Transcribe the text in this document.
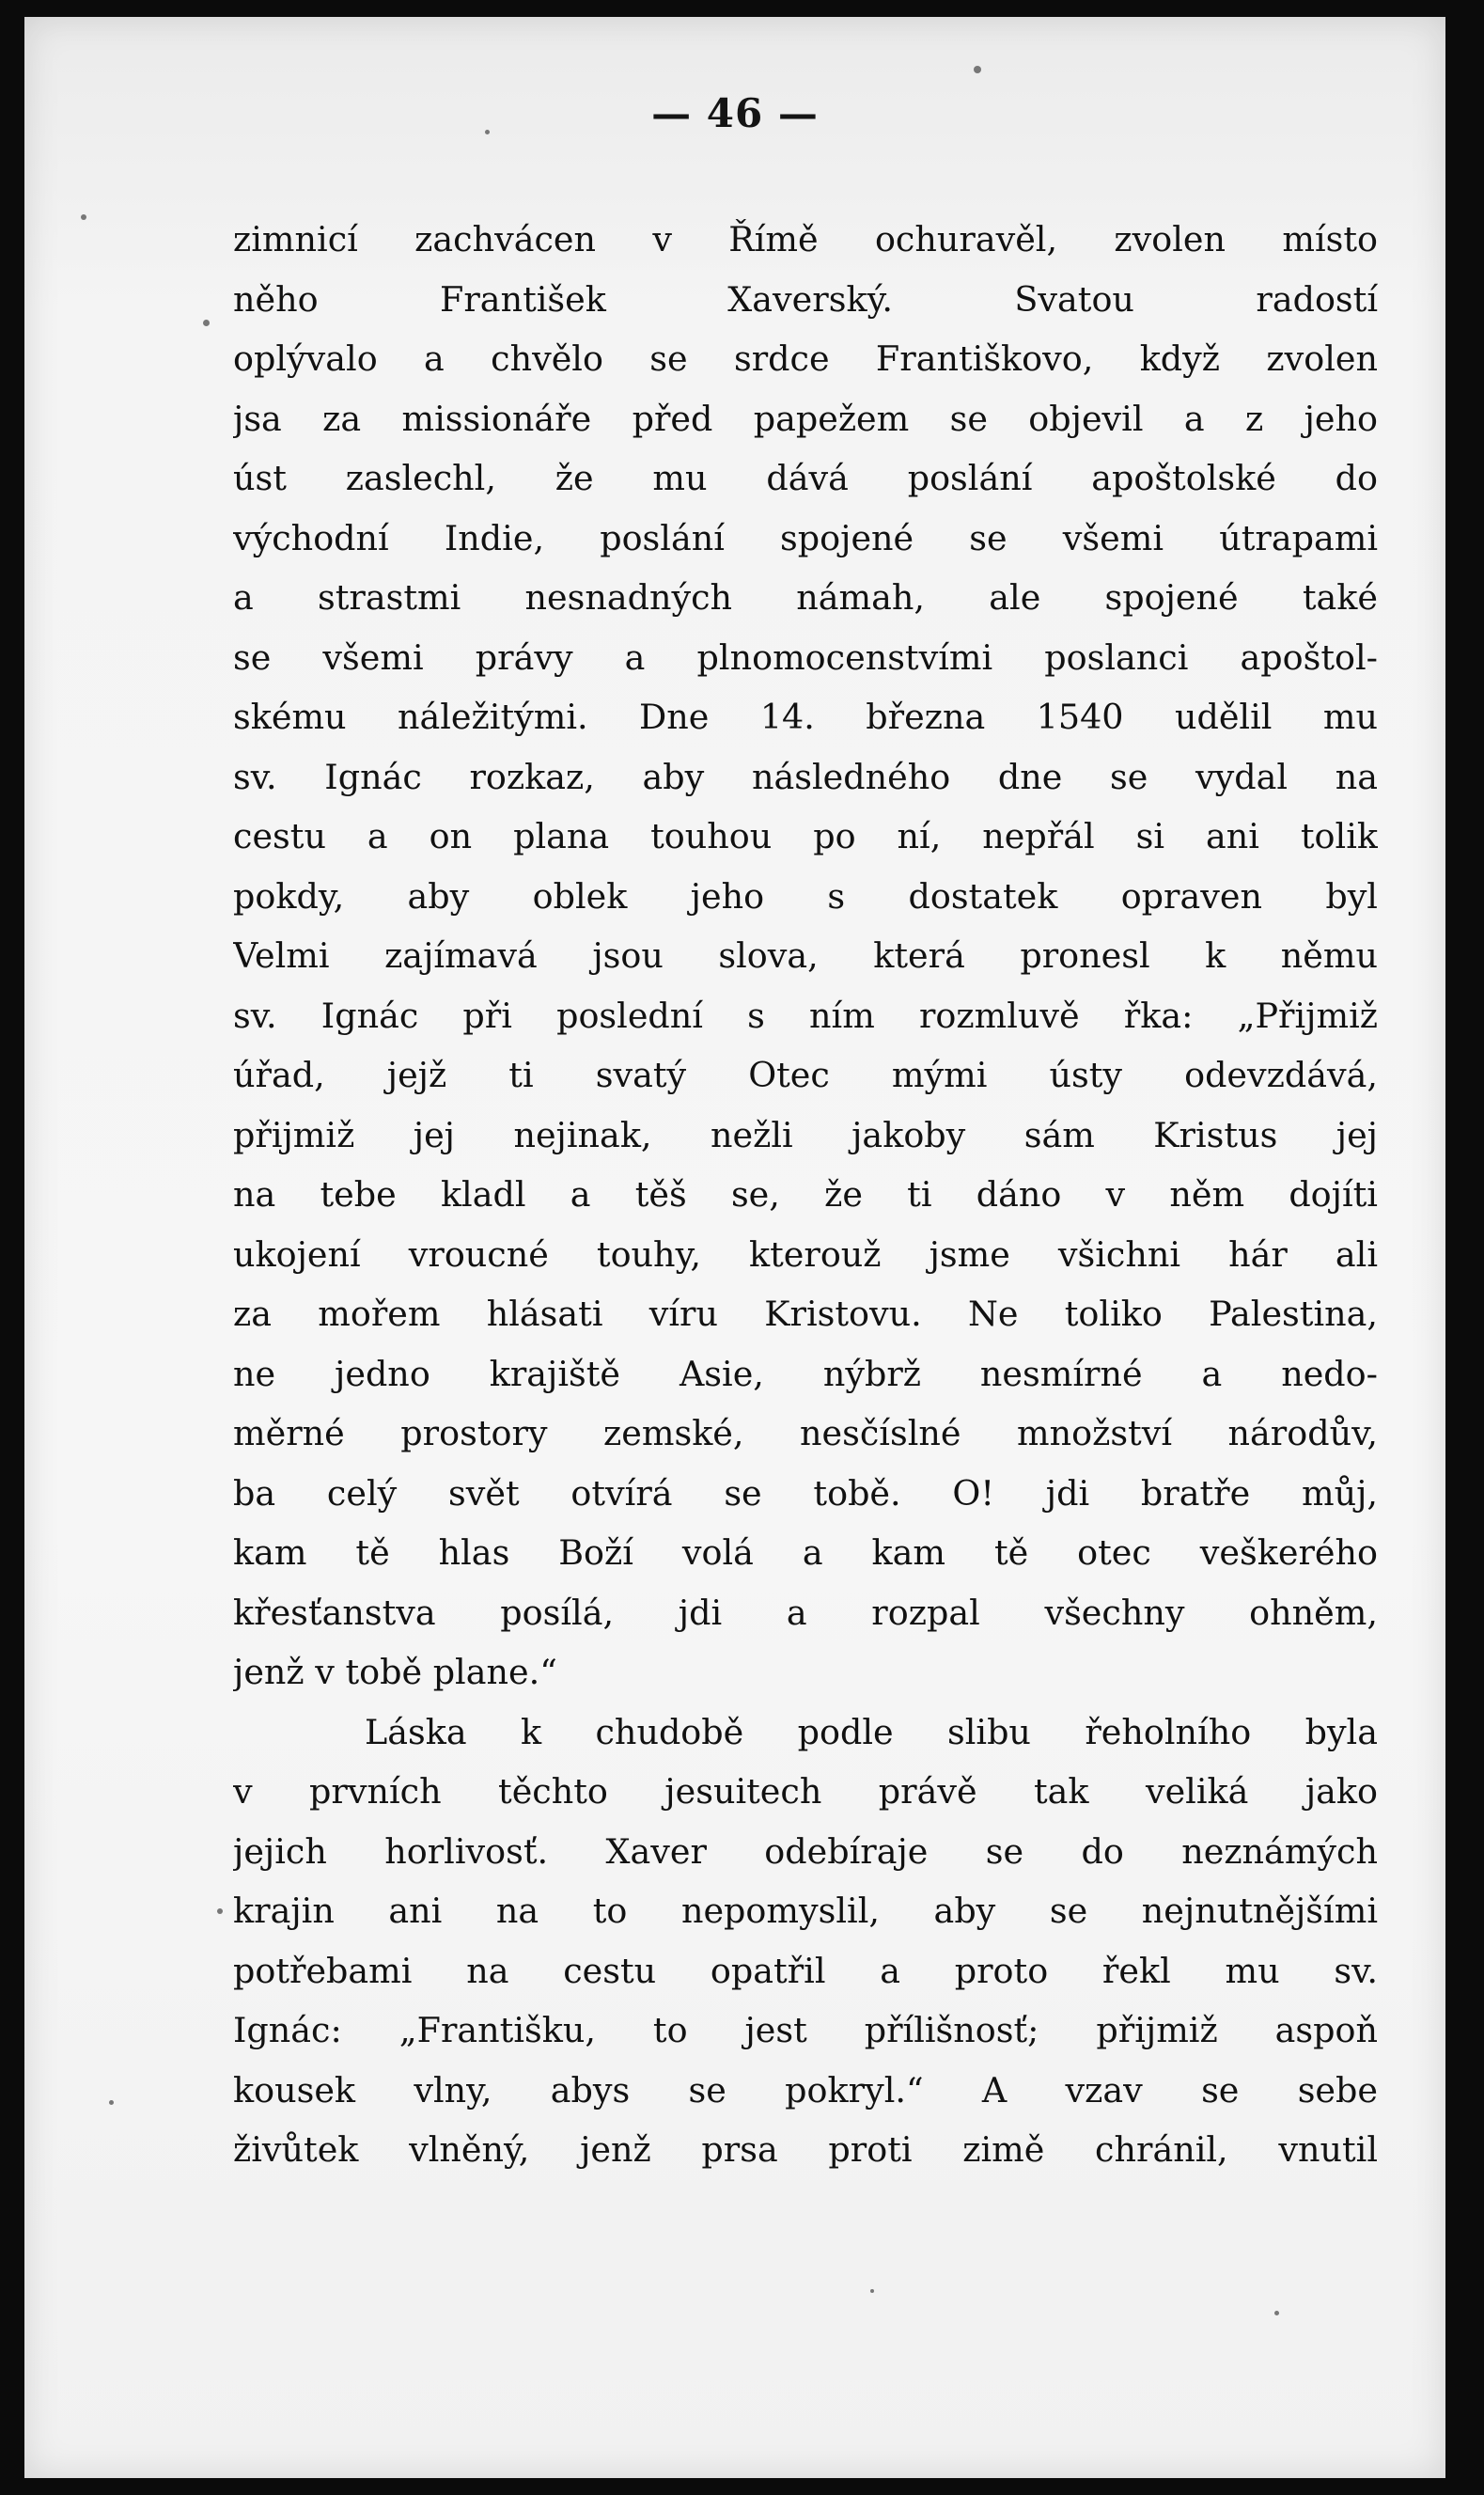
— 46 —
zimnicí zachvácen v Římě ochuravěl, zvolen místo
něho František Xaverský. Svatou radostí
oplývalo a chvělo se srdce Františkovo, když zvolen
jsa za missionáře před papežem se objevil a z jeho
úst zaslechl, že mu dává poslání apoštolské do
východní Indie, poslání spojené se všemi útrapami
a strastmi nesnadných námah, ale spojené také
se všemi právy a plnomocenstvími poslanci apoštol-
skému náležitými. Dne 14. března 1540 udělil mu
sv. Ignác rozkaz, aby následného dne se vydal na
cestu a on plana touhou po ní, nepřál si ani tolik
pokdy, aby oblek jeho s dostatek opraven byl
Velmi zajímavá jsou slova, která pronesl k němu
sv. Ignác při poslední s ním rozmluvě řka: „Přijmiž
úřad, jejž ti svatý Otec mými ústy odevzdává,
přijmiž jej nejinak, nežli jakoby sám Kristus jej
na tebe kladl a těš se, že ti dáno v něm dojíti
ukojení vroucné touhy, kterouž jsme všichni hár ali
za mořem hlásati víru Kristovu. Ne toliko Palestina,
ne jedno krajiště Asie, nýbrž nesmírné a nedo-
měrné prostory zemské, nesčíslné množství národův,
ba celý svět otvírá se tobě. O! jdi bratře můj,
kam tě hlas Boží volá a kam tě otec veškerého
křesťanstva posílá, jdi a rozpal všechny ohněm,
jenž v tobě plane.“
Láska k chudobě podle slibu řeholního byla
v prvních těchto jesuitech právě tak veliká jako
jejich horlivosť. Xaver odebíraje se do neznámých
krajin ani na to nepomyslil, aby se nejnutnějšími
potřebami na cestu opatřil a proto řekl mu sv.
Ignác: „Františku, to jest přílišnosť; přijmiž aspoň
kousek vlny, abys se pokryl.“ A vzav se sebe
živůtek vlněný, jenž prsa proti zimě chránil, vnutil
